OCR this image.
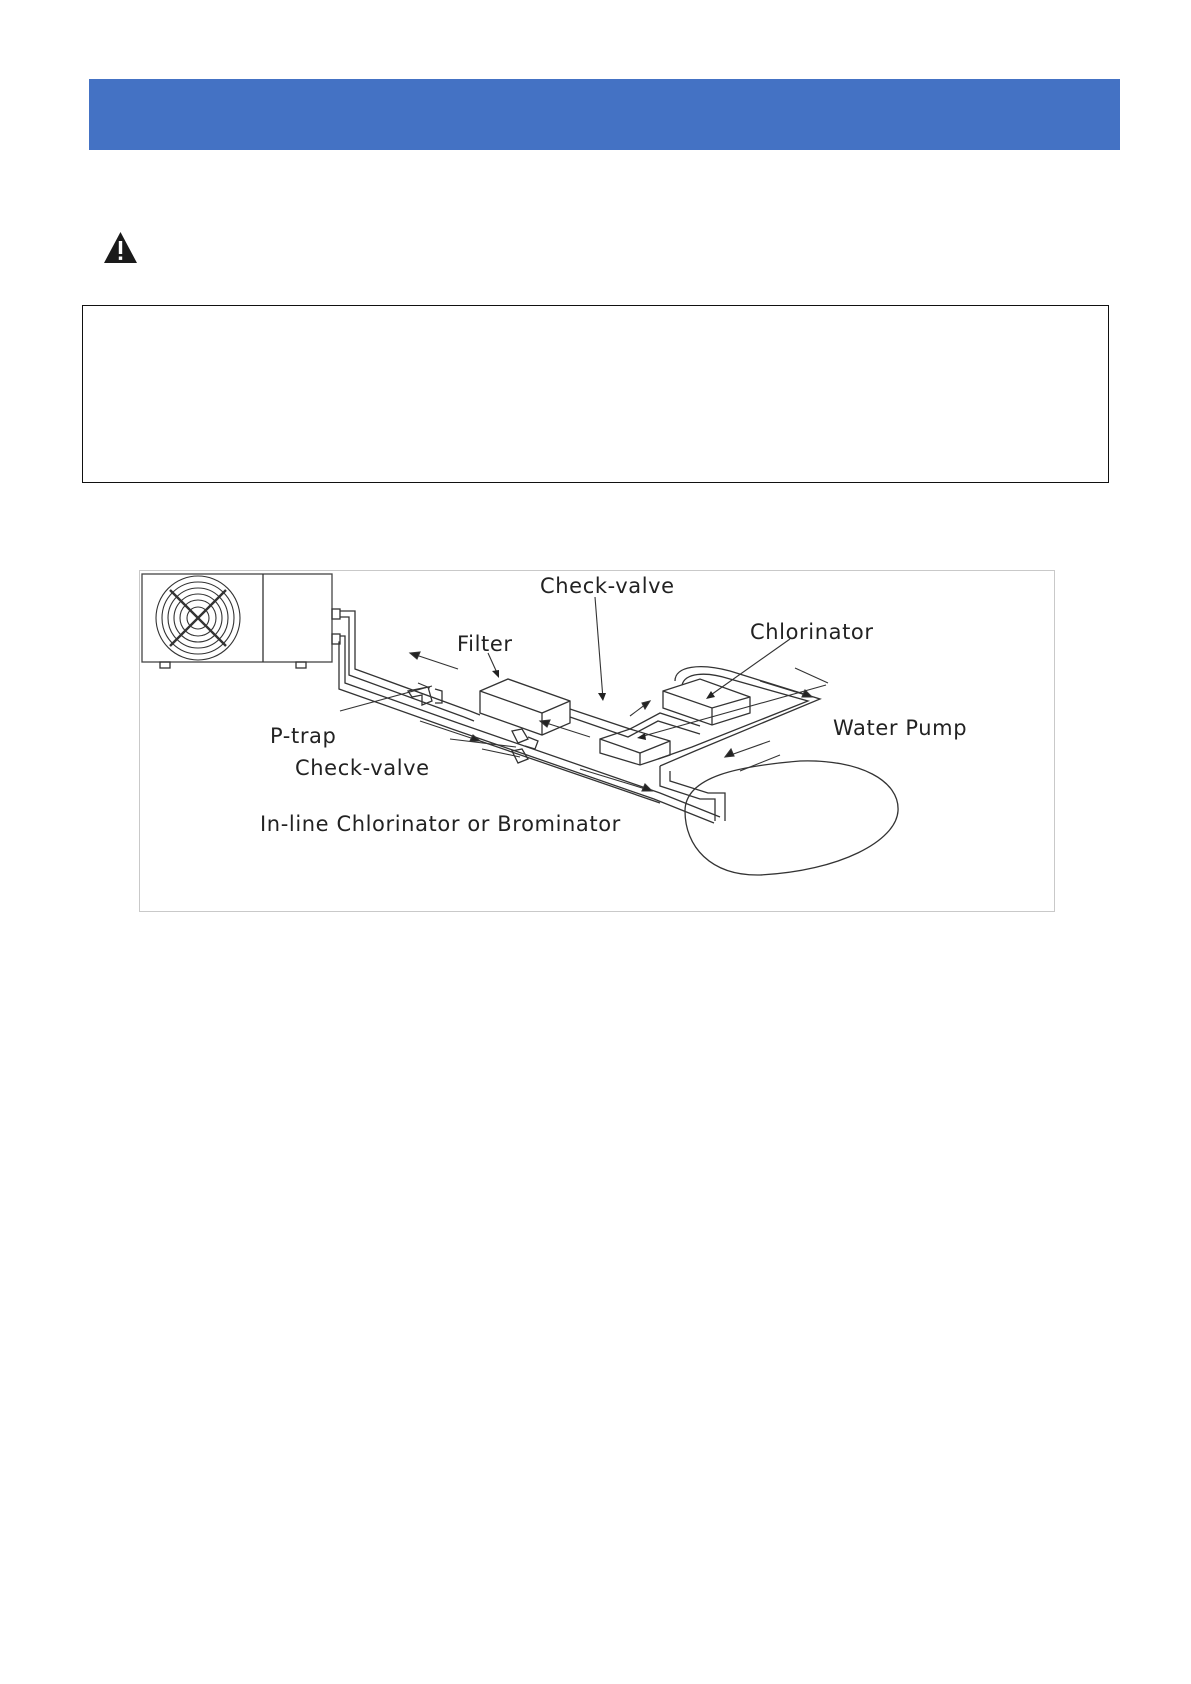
Check-valve
Chlorinator
Filter
Water Pump
P-trap
Check-valve
In-line Chlorinator or Brominator
